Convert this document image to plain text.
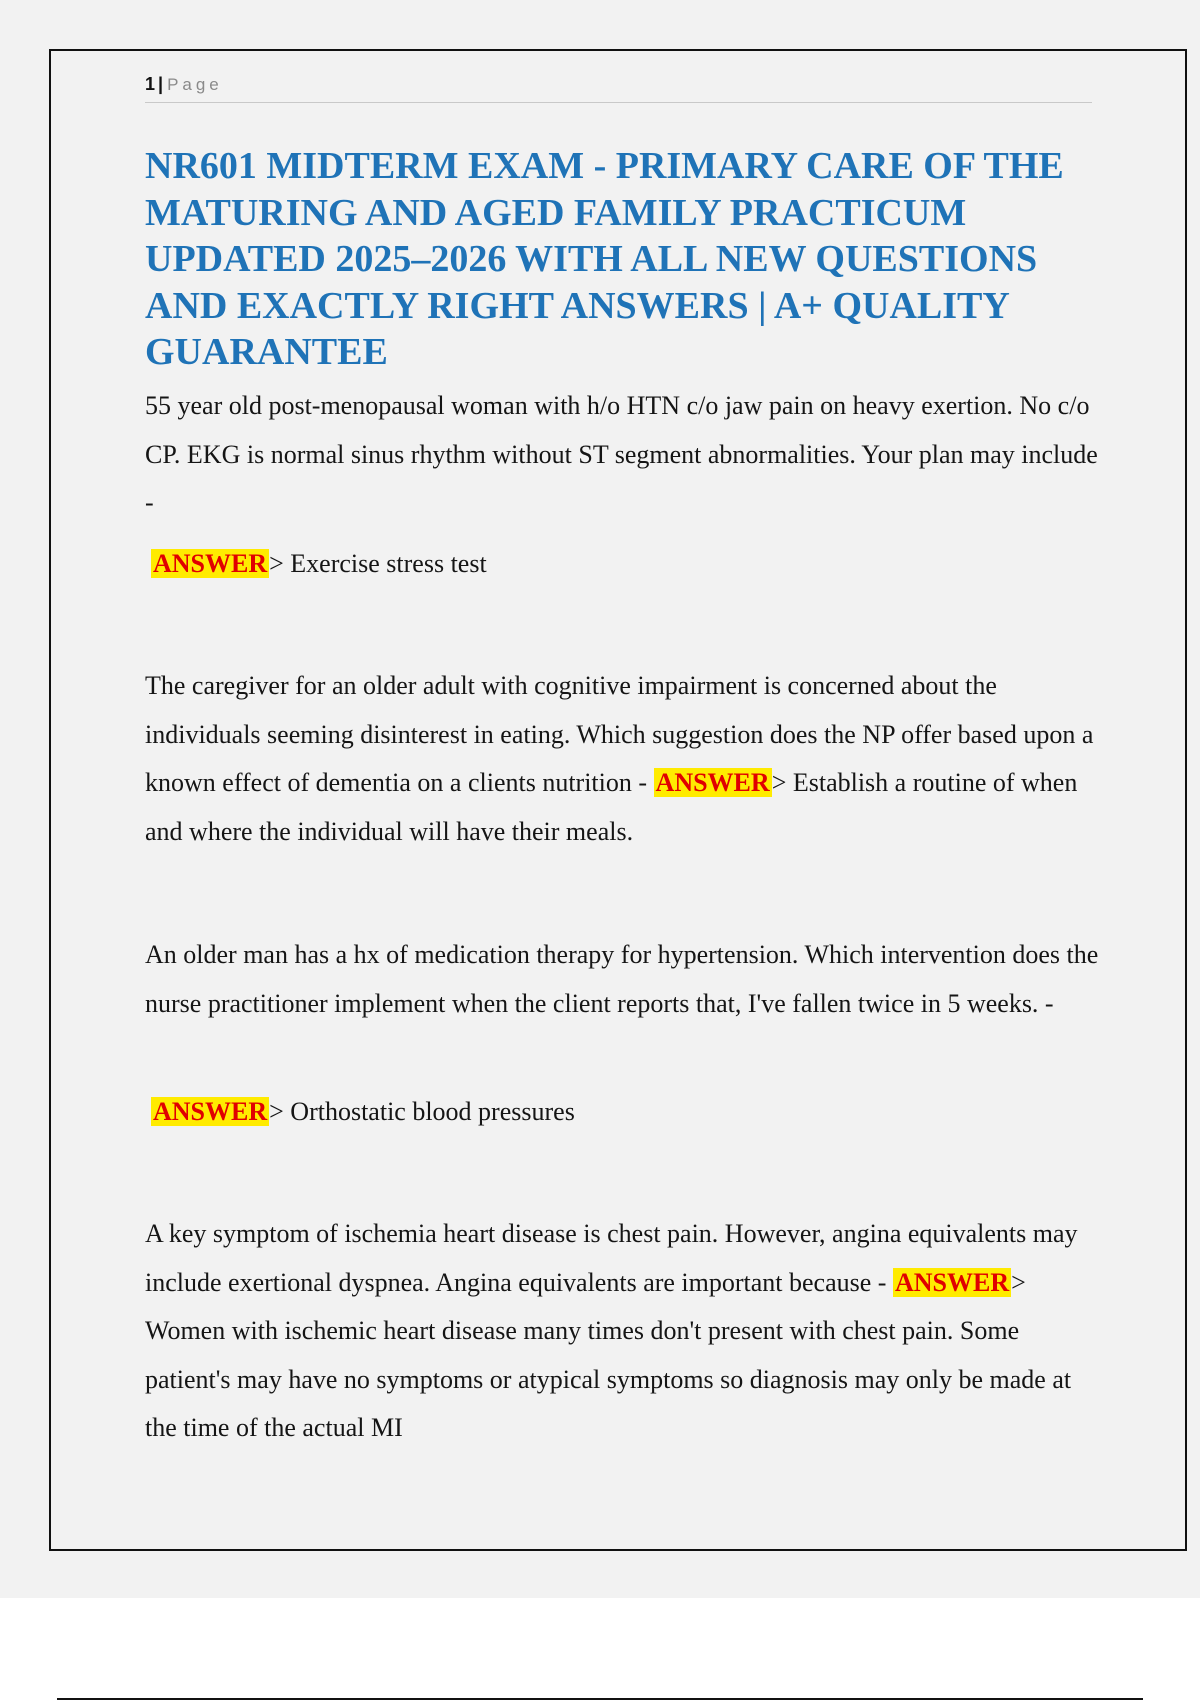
1 | Page
NR601 MIDTERM EXAM - PRIMARY CARE OF THE MATURING AND AGED FAMILY PRACTICUM UPDATED 2025–2026 WITH ALL NEW QUESTIONS AND EXACTLY RIGHT ANSWERS | A+ QUALITY GUARANTEE

55 year old post-menopausal woman with h/o HTN c/o jaw pain on heavy exertion. No c/o CP. EKG is normal sinus rhythm without ST segment abnormalities. Your plan may include -

ANSWER> Exercise stress test

The caregiver for an older adult with cognitive impairment is concerned about the individuals seeming disinterest in eating. Which suggestion does the NP offer based upon a known effect of dementia on a clients nutrition - ANSWER> Establish a routine of when and where the individual will have their meals.

An older man has a hx of medication therapy for hypertension. Which intervention does the nurse practitioner implement when the client reports that, I've fallen twice in 5 weeks. -

ANSWER> Orthostatic blood pressures

A key symptom of ischemia heart disease is chest pain. However, angina equivalents may include exertional dyspnea. Angina equivalents are important because - ANSWER> Women with ischemic heart disease many times don't present with chest pain. Some patient's may have no symptoms or atypical symptoms so diagnosis may only be made at the time of the actual MI
